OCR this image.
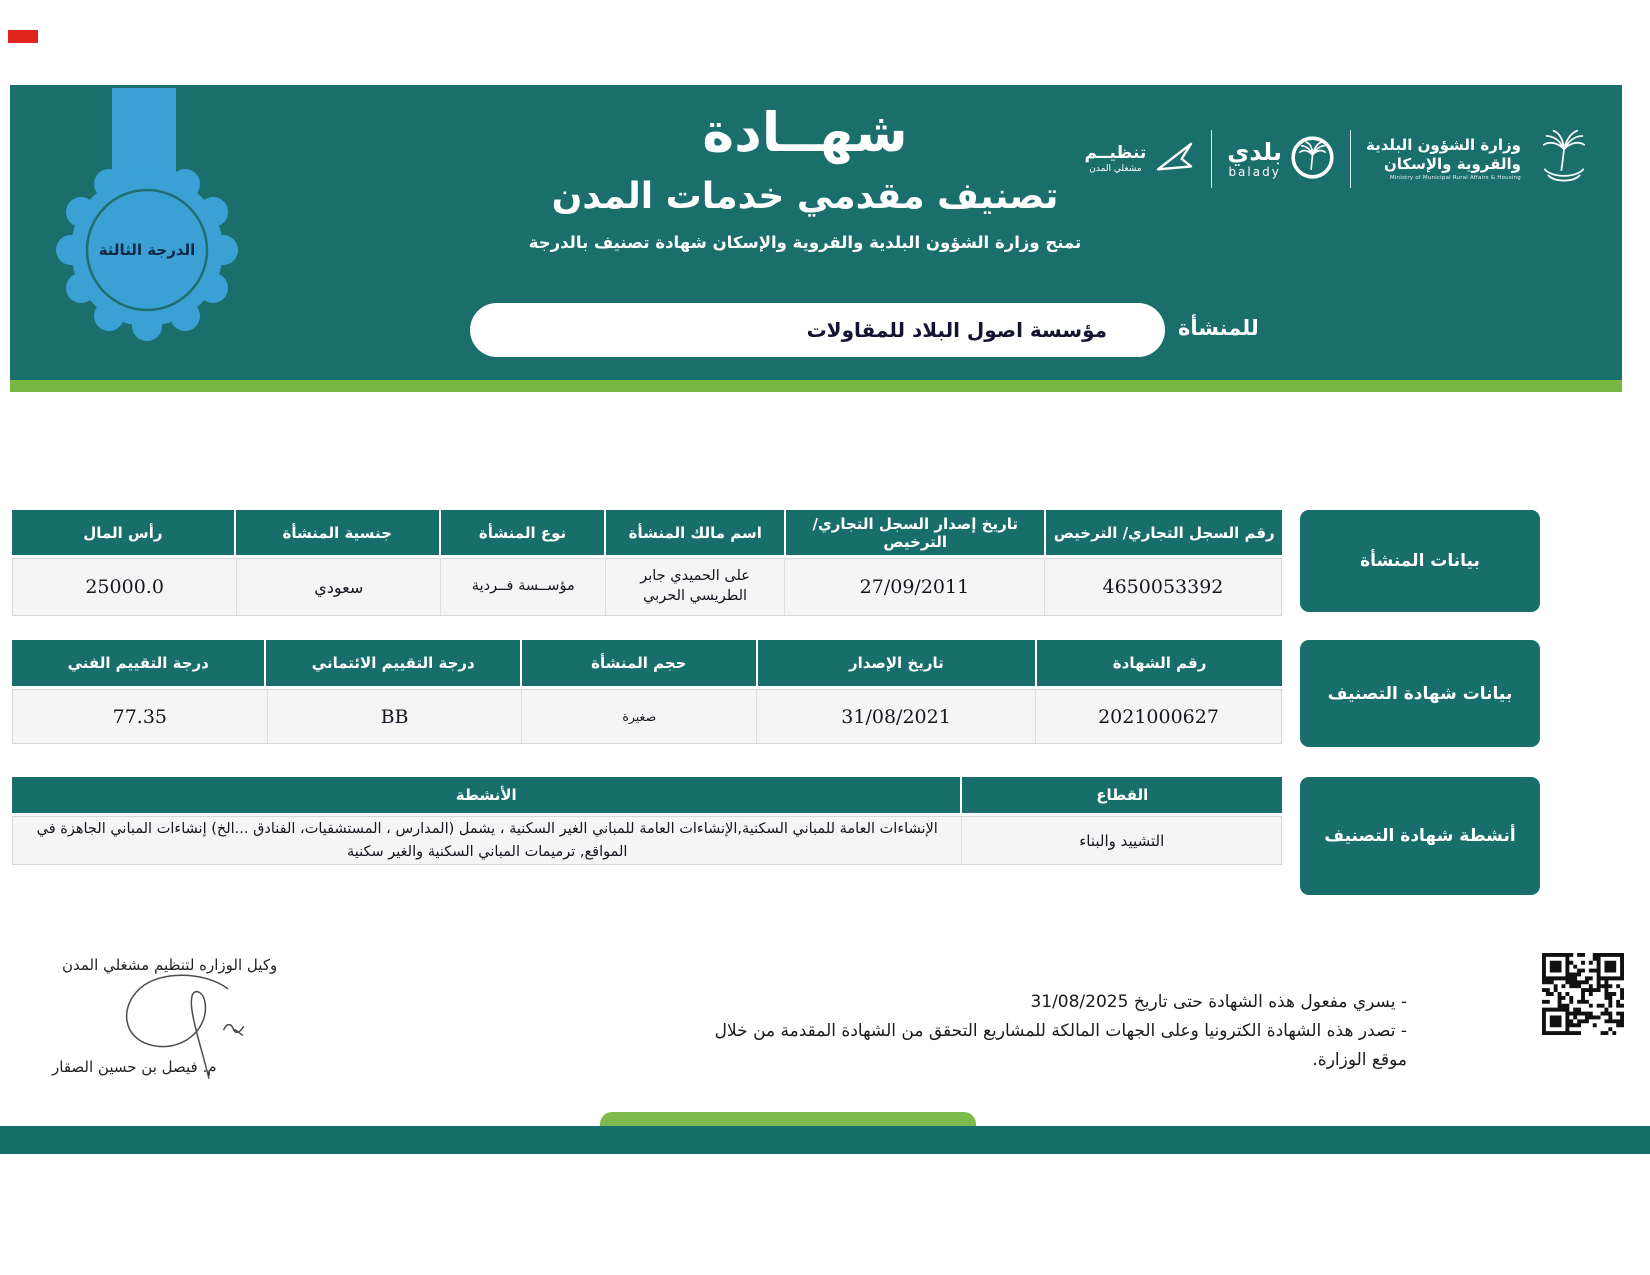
وزارة الشؤون البلدية
والقروية والإسكان
Ministry of Municipal Rural Affairs & Housing
بلدي
balady
تنظيــم
مشغلي المدن
شهــادة
تصنيف مقدمي خدمات المدن
تمنح وزارة الشؤون البلدية والقروية والإسكان شهادة تصنيف بالدرجة
مؤسسة اصول البلاد للمقاولات	للمنشأة
الدرجة الثالثة
رقم السجل التجاري/ الترخيص
تاريخ إصدار السجل التجاري/ الترخيص
اسم مالك المنشأة
نوع المنشأة
جنسية المنشأة
رأس المال
4650053392
27/09/2011
على الحميدي جابر الطريسي الحربي
مؤســسة فــردية
سعودي
25000.0
بيانات المنشأة
رقم الشهادة
تاريخ الإصدار
حجم المنشأة
درجة التقييم الائتماني
درجة التقييم الفني
2021000627
31/08/2021
صغيرة
BB
77.35
بيانات شهادة التصنيف
القطاع
الأنشطة
التشييد والبناء
الإنشاءات العامة للمباني السكنية,الإنشاءات العامة للمباني الغير السكنية ، يشمل (المدارس ، المستشفيات، الفنادق ...الخ) إنشاءات المباني الجاهزة في المواقع, ترميمات المباني السكنية والغير سكنية
أنشطة شهادة التصنيف
وكيل الوزاره لتنظيم مشغلي المدن
م. فيصل بن حسين الصقار
- يسري مفعول هذه الشهادة حتى تاريخ 31/08/2025
- تصدر هذه الشهادة الكترونيا وعلى الجهات المالكة للمشاريع التحقق من الشهادة المقدمة من خلال موقع الوزارة.
